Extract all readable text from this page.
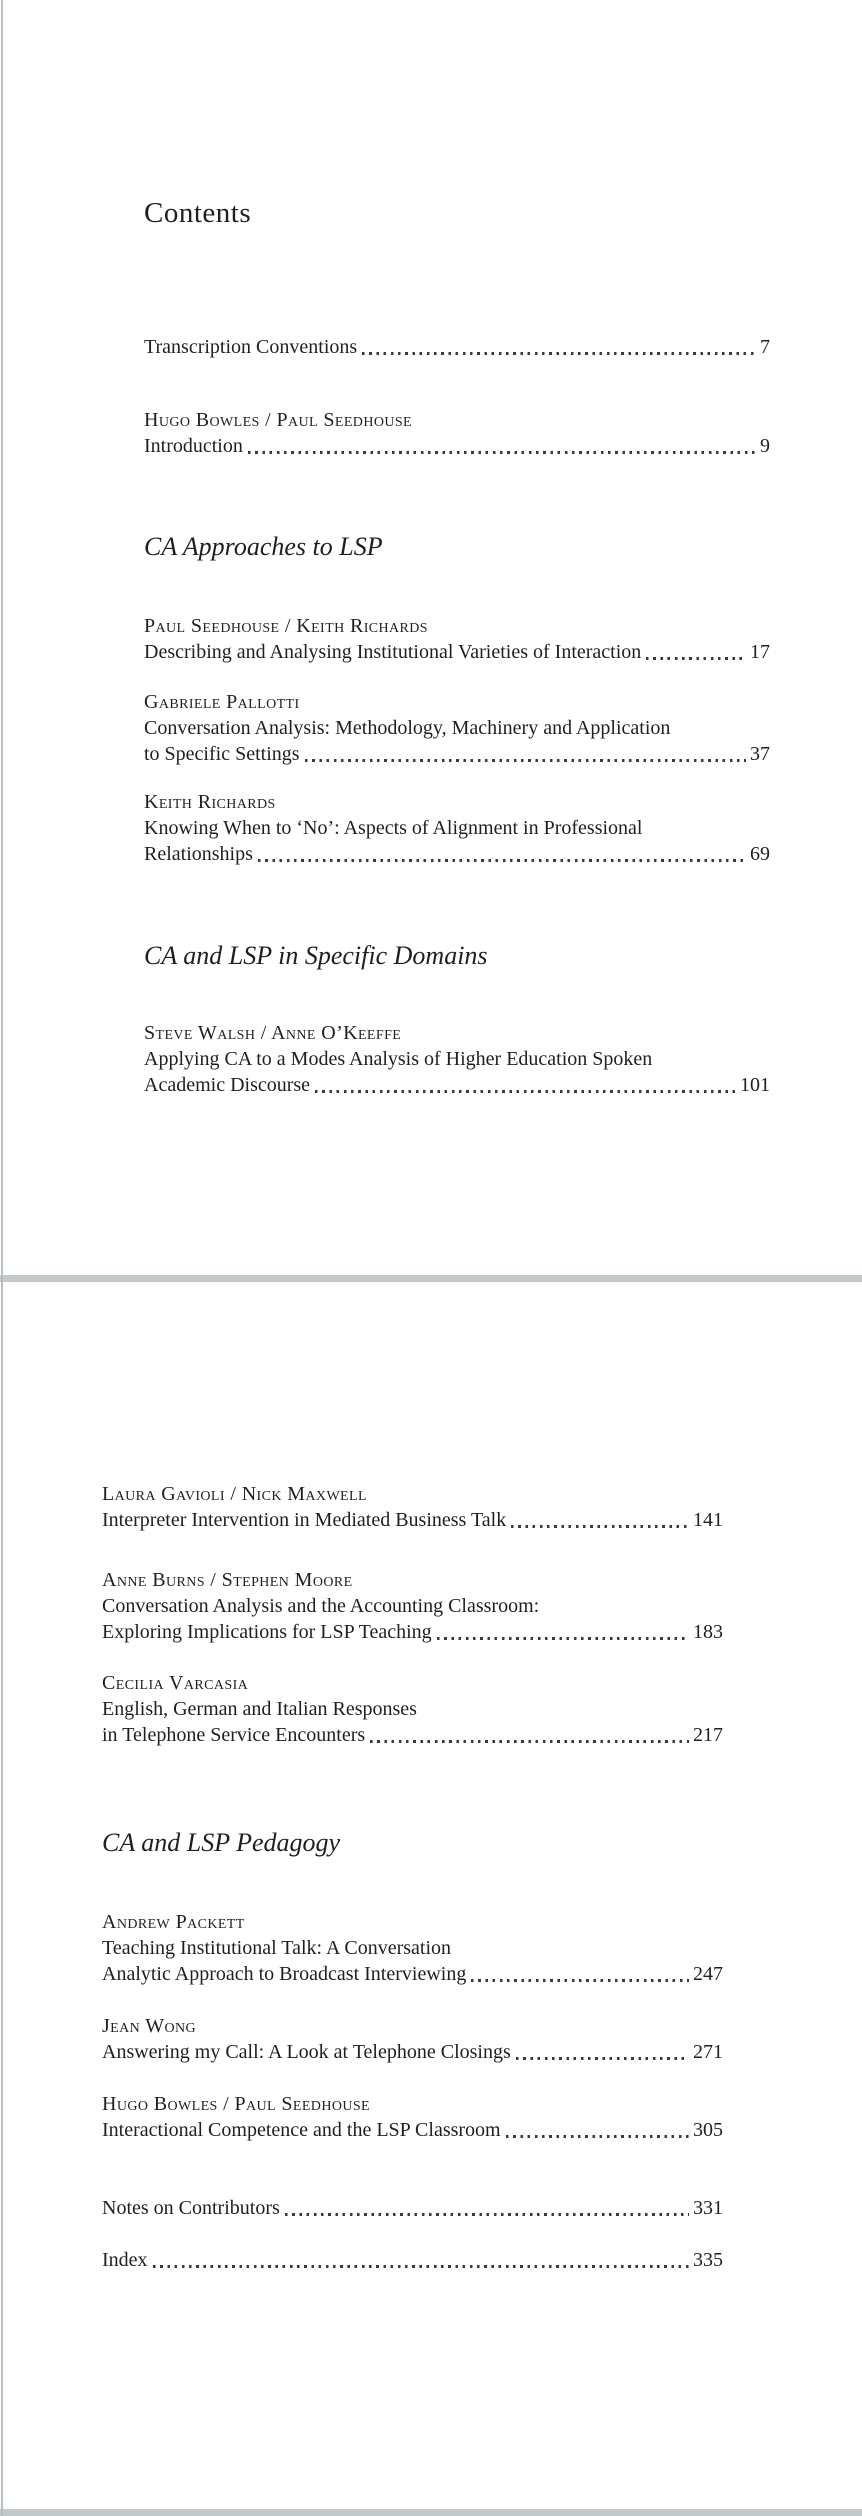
Contents
Transcription Conventions	7
Hugo Bowles / Paul Seedhouse
Introduction	9
CA Approaches to LSP
Paul Seedhouse / Keith Richards
Describing and Analysing Institutional Varieties of Interaction	17
Gabriele Pallotti
Conversation Analysis: Methodology, Machinery and Application
to Specific Settings	37
Keith Richards
Knowing When to ‘No’: Aspects of Alignment in Professional
Relationships	69
CA and LSP in Specific Domains
Steve Walsh / Anne O’Keeffe
Applying CA to a Modes Analysis of Higher Education Spoken
Academic Discourse	101
Laura Gavioli / Nick Maxwell
Interpreter Intervention in Mediated Business Talk	141
Anne Burns / Stephen Moore
Conversation Analysis and the Accounting Classroom:
Exploring Implications for LSP Teaching	183
Cecilia Varcasia
English, German and Italian Responses
in Telephone Service Encounters	217
CA and LSP Pedagogy
Andrew Packett
Teaching Institutional Talk: A Conversation
Analytic Approach to Broadcast Interviewing	247
Jean Wong
Answering my Call: A Look at Telephone Closings	271
Hugo Bowles / Paul Seedhouse
Interactional Competence and the LSP Classroom	305
Notes on Contributors	331
Index	335
